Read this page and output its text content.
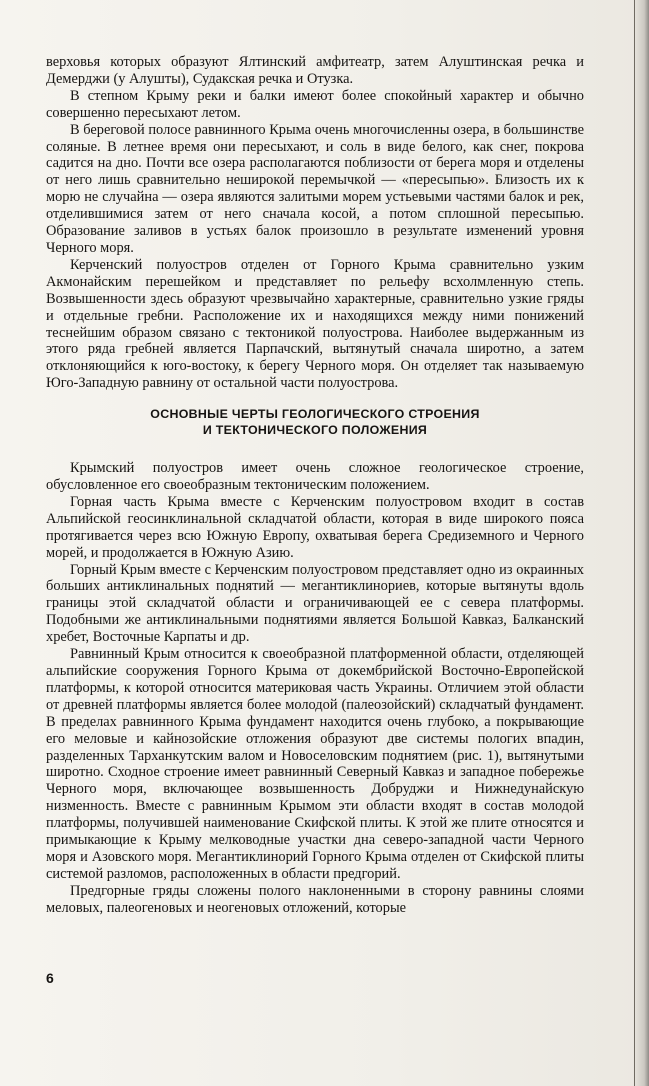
верховья которых образуют Ялтинский амфитеатр, затем Алуштинская речка и Демерджи (у Алушты), Судакская речка и Отузка.

В степном Крыму реки и балки имеют более спокойный характер и обычно совершенно пересыхают летом.

В береговой полосе равнинного Крыма очень многочисленны озера, в большинстве соляные. В летнее время они пересыхают, и соль в виде белого, как снег, покрова садится на дно. Почти все озера располагаются поблизости от берега моря и отделены от него лишь сравнительно неширокой перемычкой — «пересыпью». Близость их к морю не случайна — озера являются залитыми морем устьевыми частями балок и рек, отделившимися затем от него сначала косой, а потом сплошной пересыпью. Образование заливов в устьях балок произошло в результате изменений уровня Черного моря.

Керченский полуостров отделен от Горного Крыма сравнительно узким Акмонайским перешейком и представляет по рельефу всхолмленную степь. Возвышенности здесь образуют чрезвычайно характерные, сравнительно узкие гряды и отдельные гребни. Расположение их и находящихся между ними понижений теснейшим образом связано с тектоникой полуострова. Наиболее выдержанным из этого ряда гребней является Парпачский, вытянутый сначала широтно, а затем отклоняющийся к юго-востоку, к берегу Черного моря. Он отделяет так называемую Юго-Западную равнину от остальной части полуострова.

ОСНОВНЫЕ ЧЕРТЫ ГЕОЛОГИЧЕСКОГО СТРОЕНИЯ
И ТЕКТОНИЧЕСКОГО ПОЛОЖЕНИЯ

Крымский полуостров имеет очень сложное геологическое строение, обусловленное его своеобразным тектоническим положением.

Горная часть Крыма вместе с Керченским полуостровом входит в состав Альпийской геосинклинальной складчатой области, которая в виде широкого пояса протягивается через всю Южную Европу, охватывая берега Средиземного и Черного морей, и продолжается в Южную Азию.

Горный Крым вместе с Керченским полуостровом представляет одно из окраинных больших антиклинальных поднятий — мегантиклинориев, которые вытянуты вдоль границы этой складчатой области и ограничивающей ее с севера платформы. Подобными же антиклинальными поднятиями является Большой Кавказ, Балканский хребет, Восточные Карпаты и др.

Равнинный Крым относится к своеобразной платформенной области, отделяющей альпийские сооружения Горного Крыма от докембрийской Восточно-Европейской платформы, к которой относится материковая часть Украины. Отличием этой области от древней платформы является более молодой (палеозойский) складчатый фундамент. В пределах равнинного Крыма фундамент находится очень глубоко, а покрывающие его меловые и кайнозойские отложения образуют две системы пологих впадин, разделенных Тарханкутским валом и Новоселовским поднятием (рис. 1), вытянутыми широтно. Сходное строение имеет равнинный Северный Кавказ и западное побережье Черного моря, включающее возвышенность Добруджи и Нижнедунайскую низменность. Вместе с равнинным Крымом эти области входят в состав молодой платформы, получившей наименование Скифской плиты. К этой же плите относятся и примыкающие к Крыму мелководные участки дна северо-западной части Черного моря и Азовского моря. Мегантиклинорий Горного Крыма отделен от Скифской плиты системой разломов, расположенных в области предгорий.

Предгорные гряды сложены полого наклоненными в сторону равнины слоями меловых, палеогеновых и неогеновых отложений, которые

6
